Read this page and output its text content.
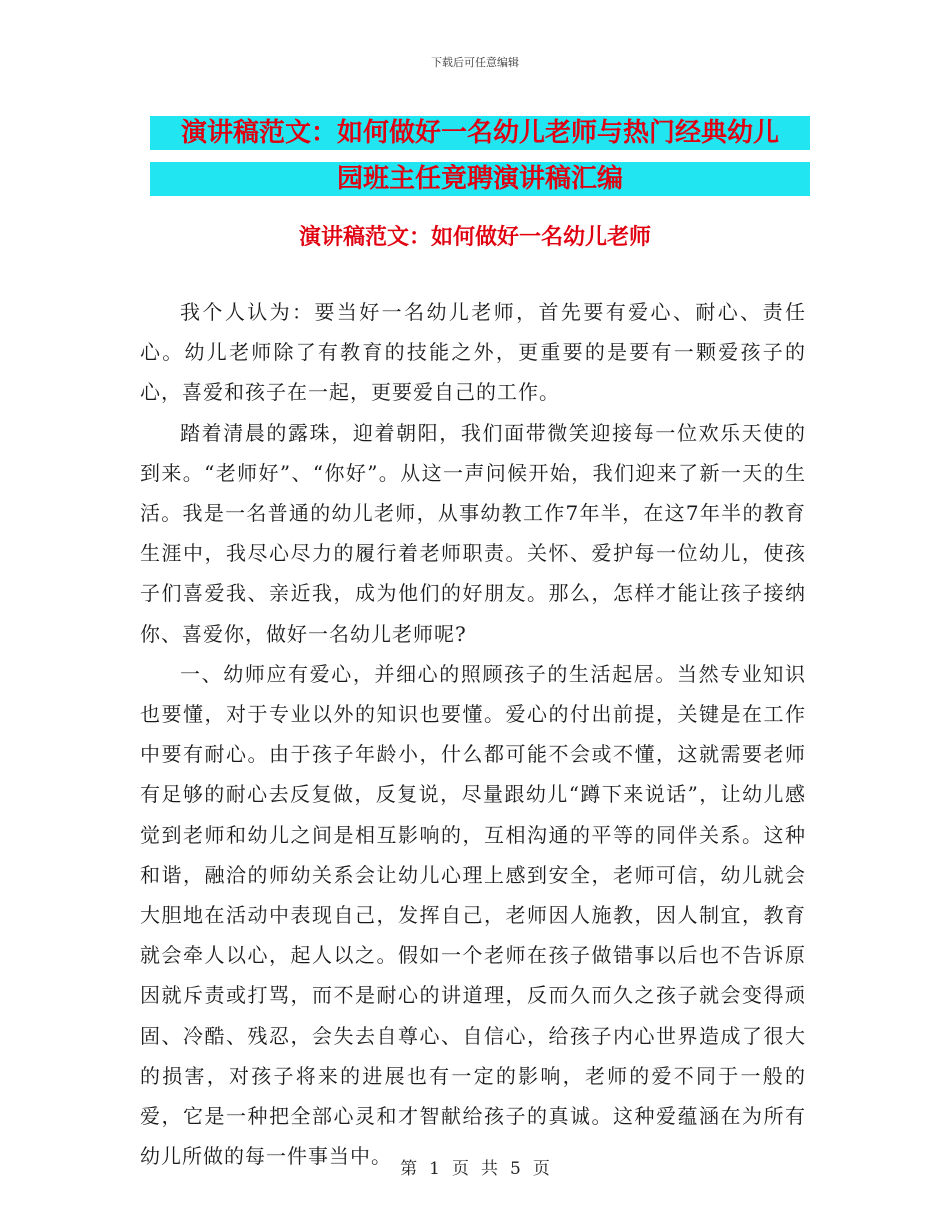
下载后可任意编辑
演讲稿范文：如何做好一名幼儿老师与热门经典幼儿
园班主任竟聘演讲稿汇编
演讲稿范文：如何做好一名幼儿老师

我个人认为：要当好一名幼儿老师，首先要有爱心、耐心、责任心。幼儿老师除了有教育的技能之外，更重要的是要有一颗爱孩子的心，喜爱和孩子在一起，更要爱自己的工作。

踏着清晨的露珠，迎着朝阳，我们面带微笑迎接每一位欢乐天使的到来。“老师好”、“你好”。从这一声问候开始，我们迎来了新一天的生活。我是一名普通的幼儿老师，从事幼教工作7年半，在这7年半的教育生涯中，我尽心尽力的履行着老师职责。关怀、爱护每一位幼儿，使孩子们喜爱我、亲近我，成为他们的好朋友。那么，怎样才能让孩子接纳你、喜爱你，做好一名幼儿老师呢?

一、幼师应有爱心，并细心的照顾孩子的生活起居。当然专业知识也要懂，对于专业以外的知识也要懂。爱心的付出前提，关键是在工作中要有耐心。由于孩子年龄小，什么都可能不会或不懂，这就需要老师有足够的耐心去反复做，反复说，尽量跟幼儿“蹲下来说话”，让幼儿感觉到老师和幼儿之间是相互影响的，互相沟通的平等的同伴关系。这种和谐，融洽的师幼关系会让幼儿心理上感到安全，老师可信，幼儿就会大胆地在活动中表现自己，发挥自己，老师因人施教，因人制宜，教育就会牵人以心，起人以之。假如一个老师在孩子做错事以后也不告诉原因就斥责或打骂，而不是耐心的讲道理，反而久而久之孩子就会变得顽固、冷酷、残忍，会失去自尊心、自信心，给孩子内心世界造成了很大的损害，对孩子将来的进展也有一定的影响，老师的爱不同于一般的爱，它是一种把全部心灵和才智献给孩子的真诚。这种爱蕴涵在为所有幼儿所做的每一件事当中。

第 1 页 共 5 页
